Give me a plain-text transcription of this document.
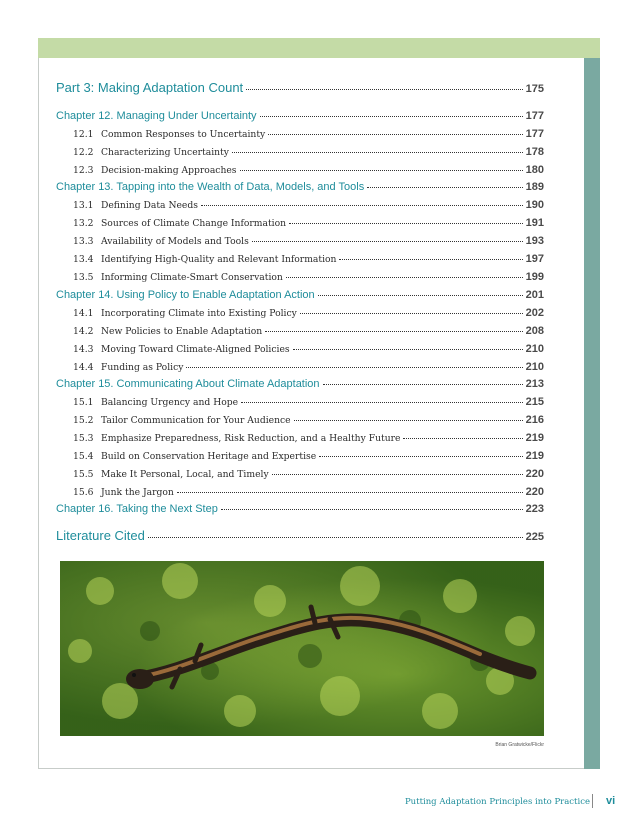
Part 3: Making Adaptation Count	175
Chapter 12. Managing Under Uncertainty	177
12.1 Common Responses to Uncertainty	177
12.2 Characterizing Uncertainty	178
12.3 Decision-making Approaches	180
Chapter 13. Tapping into the Wealth of Data, Models, and Tools	189
13.1 Defining Data Needs	190
13.2 Sources of Climate Change Information	191
13.3 Availability of Models and Tools	193
13.4 Identifying High-Quality and Relevant Information	197
13.5 Informing Climate-Smart Conservation	199
Chapter 14. Using Policy to Enable Adaptation Action	201
14.1 Incorporating Climate into Existing Policy	202
14.2 New Policies to Enable Adaptation	208
14.3 Moving Toward Climate-Aligned Policies	210
14.4 Funding as Policy	210
Chapter 15. Communicating About Climate Adaptation	213
15.1 Balancing Urgency and Hope	215
15.2 Tailor Communication for Your Audience	216
15.3 Emphasize Preparedness, Risk Reduction, and a Healthy Future	219
15.4 Build on Conservation Heritage and Expertise	219
15.5 Make It Personal, Local, and Timely	220
15.6 Junk the Jargon	220
Chapter 16. Taking the Next Step	223
Literature Cited	225
Brian Gratwicke/Flickr
Putting Adaptation Principles into Practice vi
